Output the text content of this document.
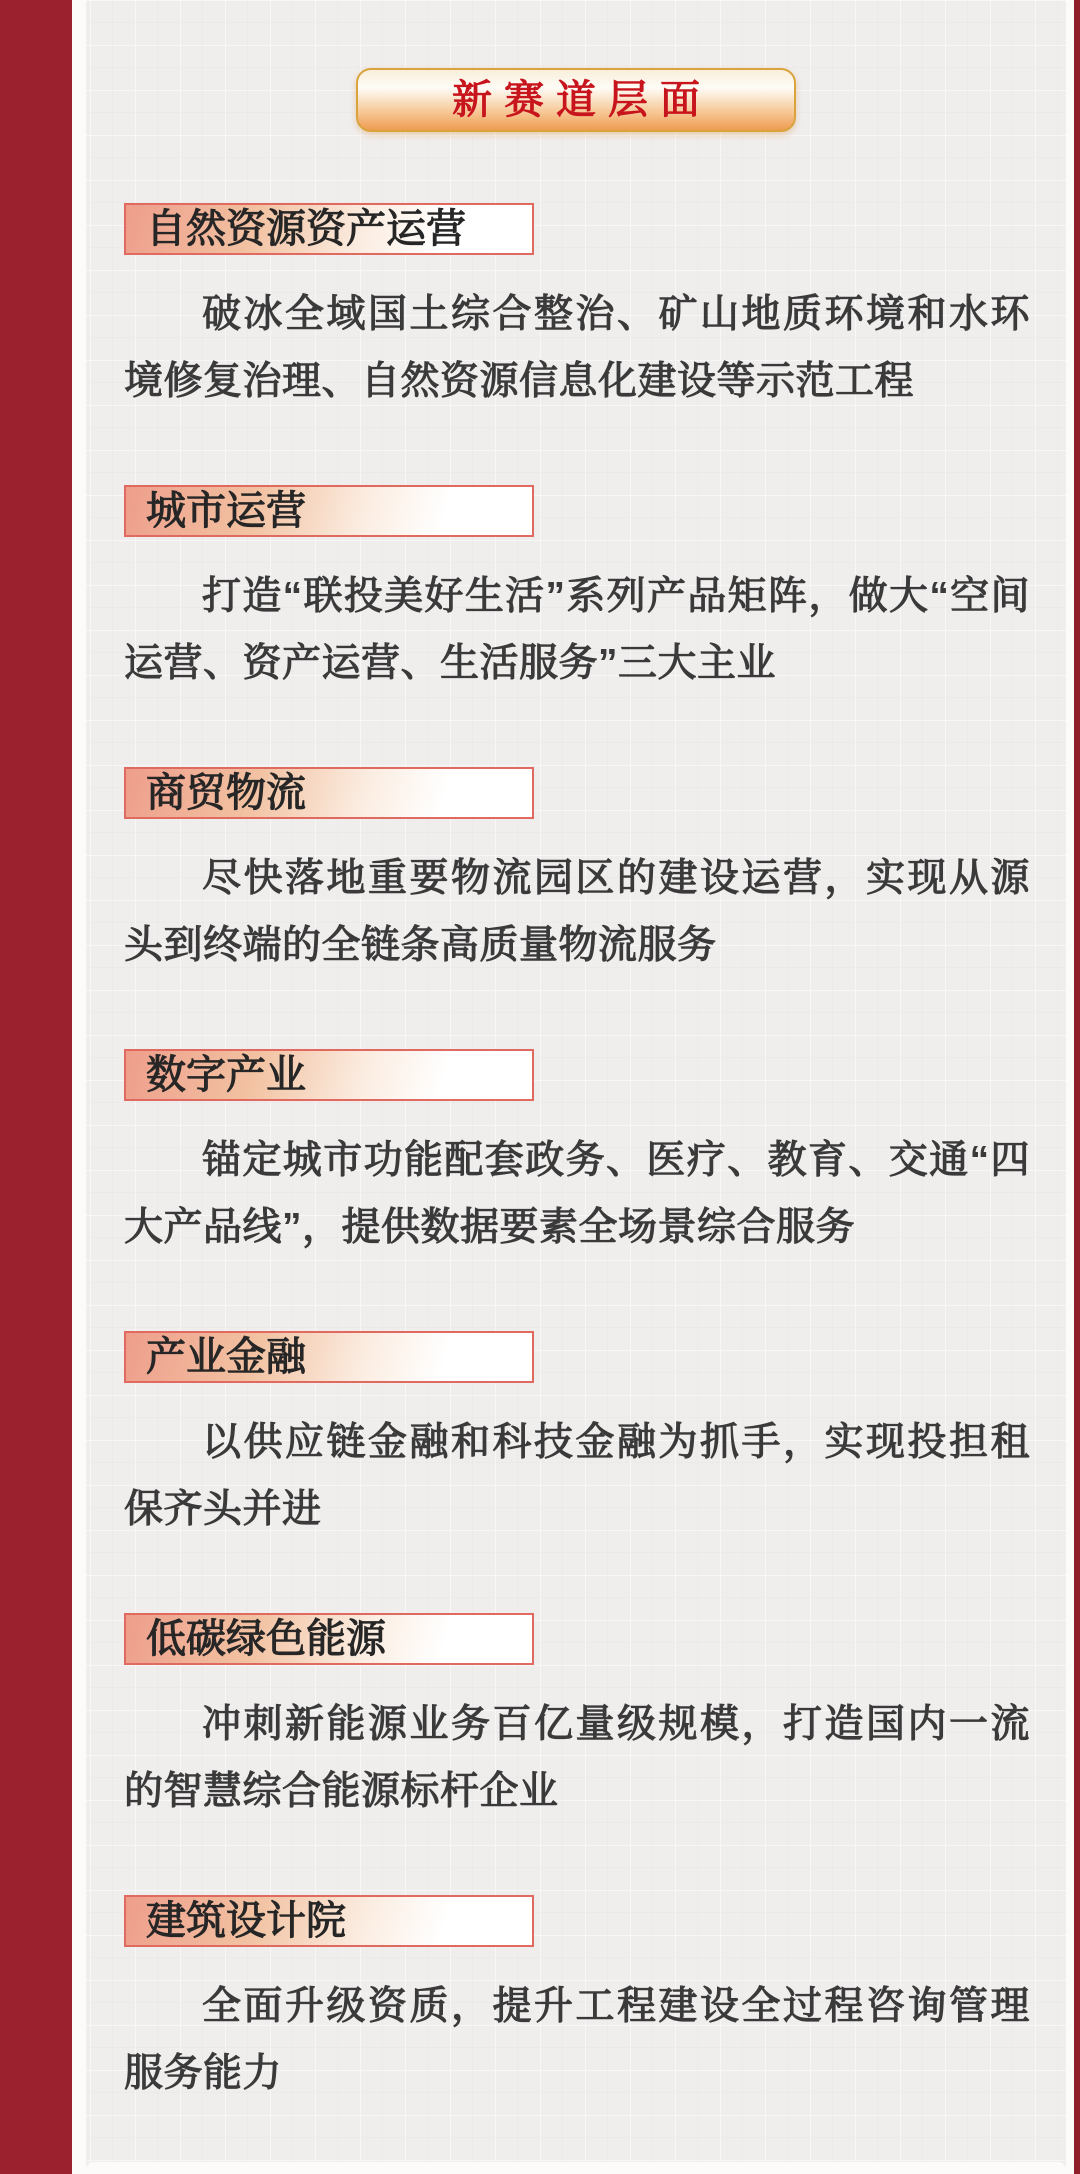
新赛道层面
自然资源资产运营

破冰全域国土综合整治、矿山地质环境和水环境修复治理、自然资源信息化建设等示范工程

城市运营

打造“联投美好生活”系列产品矩阵，做大“空间运营、资产运营、生活服务”三大主业

商贸物流

尽快落地重要物流园区的建设运营，实现从源头到终端的全链条高质量物流服务

数字产业

锚定城市功能配套政务、医疗、教育、交通“四大产品线”，提供数据要素全场景综合服务

产业金融

以供应链金融和科技金融为抓手，实现投担租保齐头并进

低碳绿色能源

冲刺新能源业务百亿量级规模，打造国内一流的智慧综合能源标杆企业

建筑设计院

全面升级资质，提升工程建设全过程咨询管理服务能力
